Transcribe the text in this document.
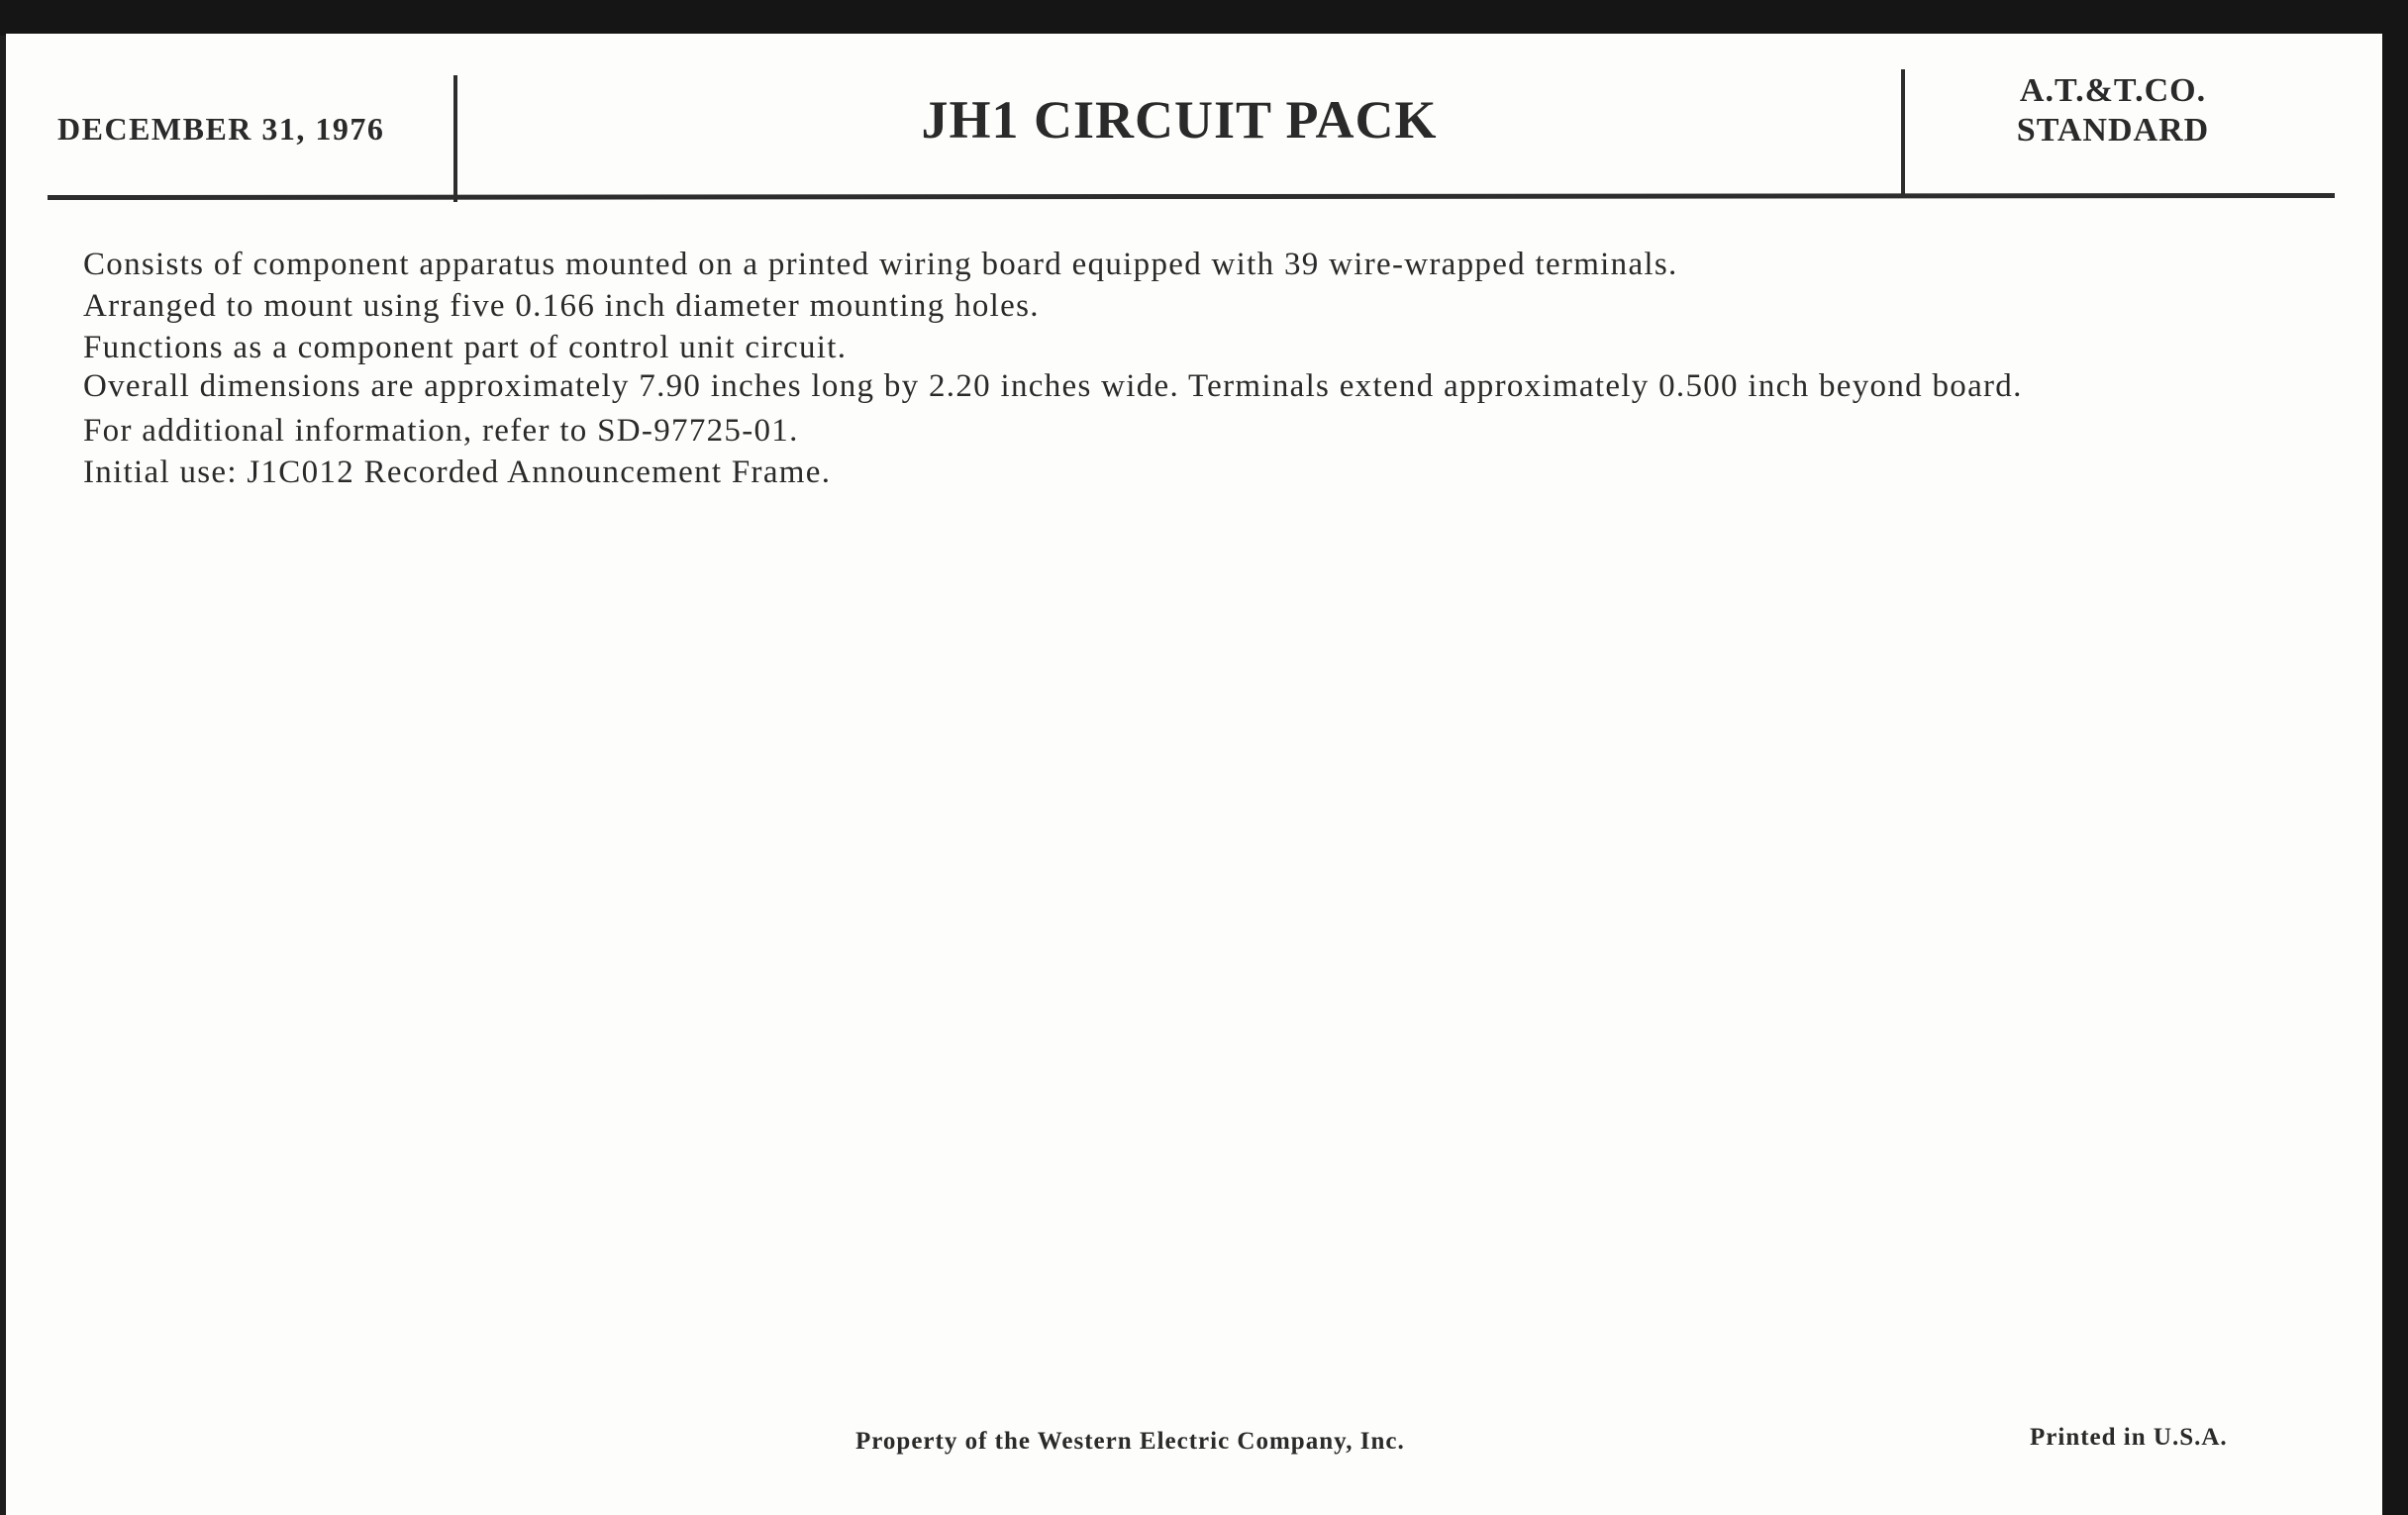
DECEMBER 31, 1976	JH1 CIRCUIT PACK	A.T.&T.CO.
STANDARD

Consists of component apparatus mounted on a printed wiring board equipped with 39 wire-wrapped terminals.

Arranged to mount using five 0.166 inch diameter mounting holes.

Functions as a component part of control unit circuit.

Overall dimensions are approximately 7.90 inches long by 2.20 inches wide. Terminals extend approximately 0.500 inch beyond board.

For additional information, refer to SD-97725-01.

Initial use: J1C012 Recorded Announcement Frame.

Property of the Western Electric Company, Inc.	Printed in U.S.A.
